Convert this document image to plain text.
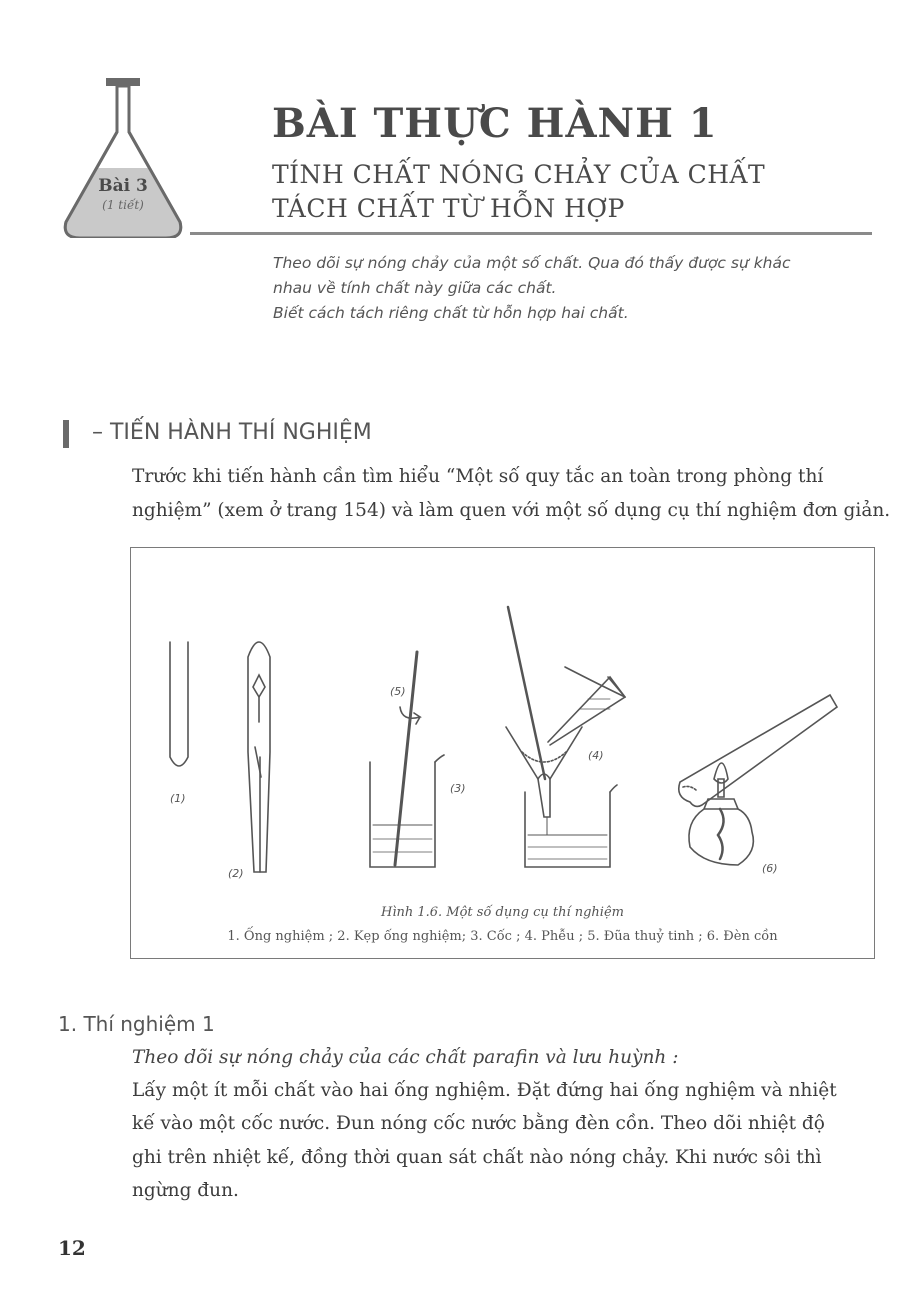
Bài 3
(1 tiết)
BÀI THỰC HÀNH 1
TÍNH CHẤT NÓNG CHẢY CỦA CHẤT
TÁCH CHẤT TỪ HỖN HỢP
Theo dõi sự nóng chảy của một số chất. Qua đó thấy được sự khác
nhau về tính chất này giữa các chất.
Biết cách tách riêng chất từ hỗn hợp hai chất.
– TIẾN HÀNH THÍ NGHIỆM
Trước khi tiến hành cần tìm hiểu “Một số quy tắc an toàn trong phòng thí
nghiệm” (xem ở trang 154) và làm quen với một số dụng cụ thí nghiệm đơn giản.
(1)
(2)
(3)
(4)
(5)
(6)
Hình 1.6. Một số dụng cụ thí nghiệm
1. Ống nghiệm ; 2. Kẹp ống nghiệm; 3. Cốc ; 4. Phễu ; 5. Đũa thuỷ tinh ; 6. Đèn cồn
1. Thí nghiệm 1
Theo dõi sự nóng chảy của các chất parafin và lưu huỳnh :
Lấy một ít mỗi chất vào hai ống nghiệm. Đặt đứng hai ống nghiệm và nhiệt
kế vào một cốc nước. Đun nóng cốc nước bằng đèn cồn. Theo dõi nhiệt độ
ghi trên nhiệt kế, đồng thời quan sát chất nào nóng chảy. Khi nước sôi thì
ngừng đun.
12
